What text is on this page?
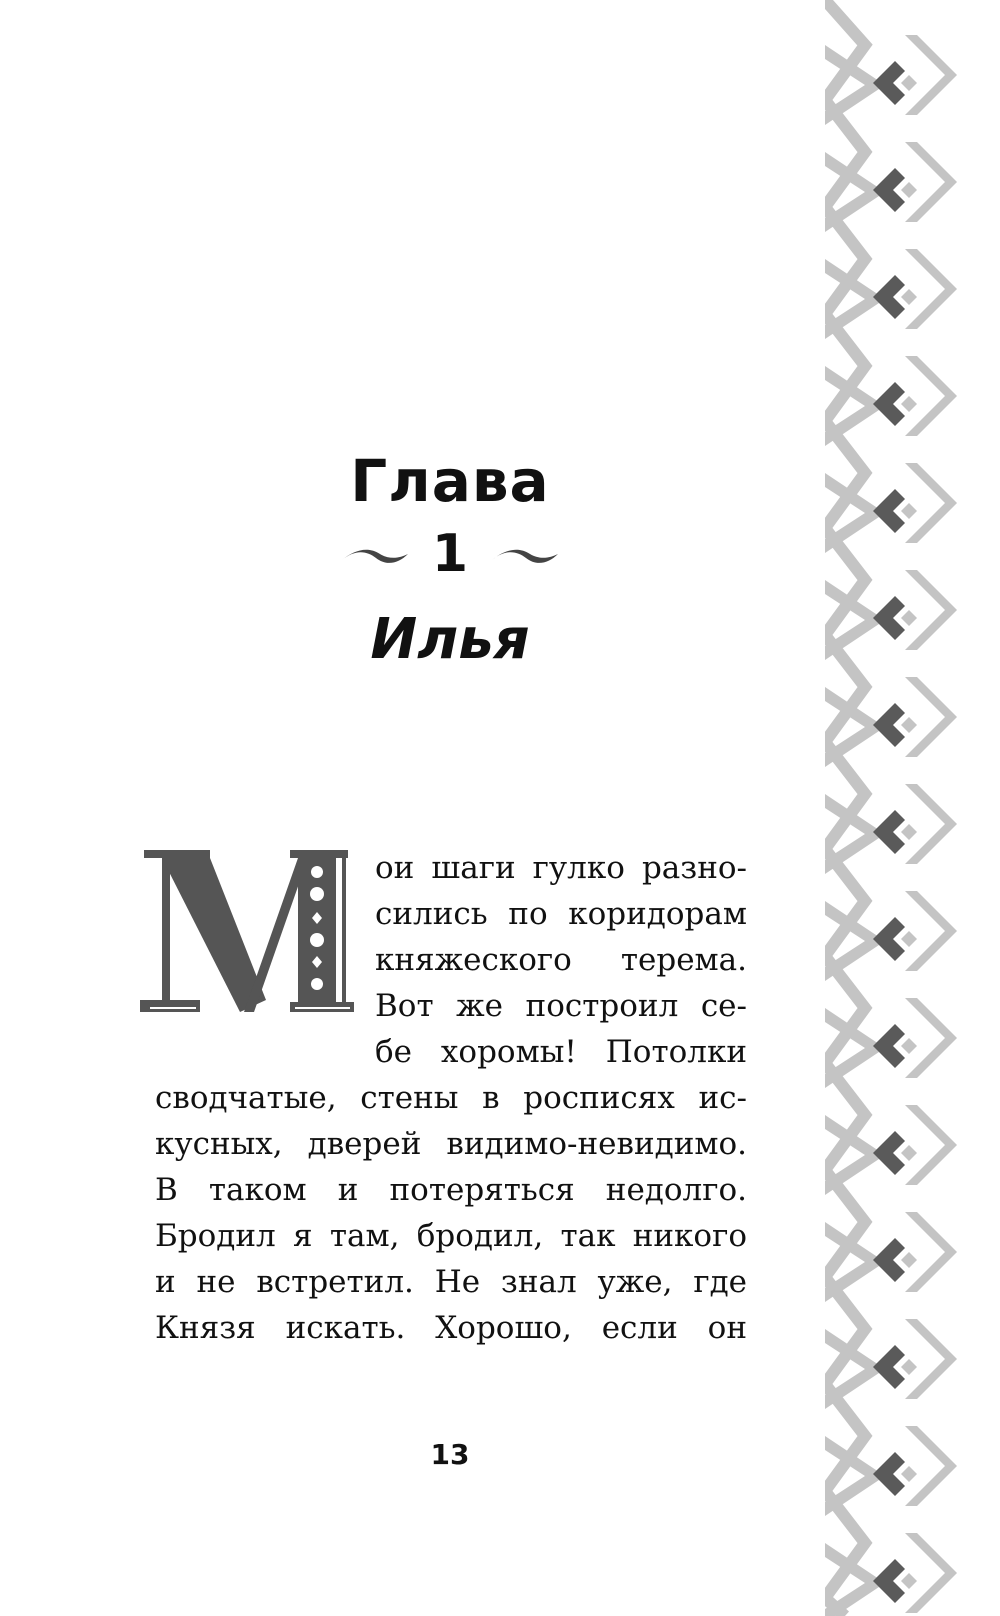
Глава
1
Илья
ои шаги гулко разно-
сились по коридорам
княжеского терема.
Вот же построил се-
бе хоромы! Потолки
сводчатые, стены в росписях ис-
кусных, дверей видимо-невидимо.
В таком и потеряться недолго.
Бродил я там, бродил, так никого
и не встретил. Не знал уже, где
Князя искать. Хорошо, если он
13
